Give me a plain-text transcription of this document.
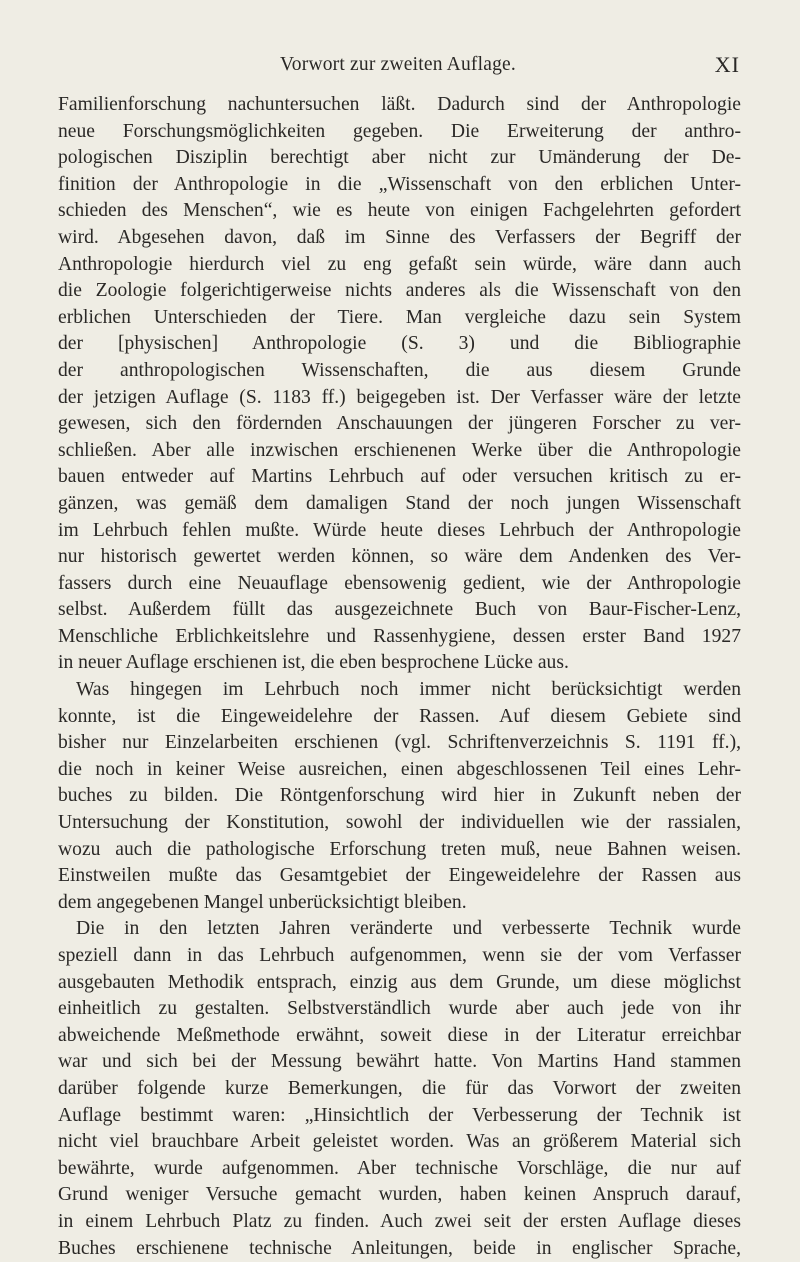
Vorwort zur zweiten Auflage.	XI
Familienforschung nachuntersuchen läßt. Dadurch sind der Anthropologie
neue Forschungsmöglichkeiten gegeben. Die Erweiterung der anthro-
pologischen Disziplin berechtigt aber nicht zur Umänderung der De-
finition der Anthropologie in die „Wissenschaft von den erblichen Unter-
schieden des Menschen“, wie es heute von einigen Fachgelehrten gefordert
wird. Abgesehen davon, daß im Sinne des Verfassers der Begriff der
Anthropologie hierdurch viel zu eng gefaßt sein würde, wäre dann auch
die Zoologie folgerichtigerweise nichts anderes als die Wissenschaft von den
erblichen Unterschieden der Tiere. Man vergleiche dazu sein System
der [physischen] Anthropologie (S. 3) und die Bibliographie
der anthropologischen Wissenschaften, die aus diesem Grunde
der jetzigen Auflage (S. 1183 ff.) beigegeben ist. Der Verfasser wäre der letzte
gewesen, sich den fördernden Anschauungen der jüngeren Forscher zu ver-
schließen. Aber alle inzwischen erschienenen Werke über die Anthropologie
bauen entweder auf Martins Lehrbuch auf oder versuchen kritisch zu er-
gänzen, was gemäß dem damaligen Stand der noch jungen Wissenschaft
im Lehrbuch fehlen mußte. Würde heute dieses Lehrbuch der Anthropologie
nur historisch gewertet werden können, so wäre dem Andenken des Ver-
fassers durch eine Neuauflage ebensowenig gedient, wie der Anthropologie
selbst. Außerdem füllt das ausgezeichnete Buch von Baur-Fischer-Lenz,
Menschliche Erblichkeitslehre und Rassenhygiene, dessen erster Band 1927
in neuer Auflage erschienen ist, die eben besprochene Lücke aus.
Was hingegen im Lehrbuch noch immer nicht berücksichtigt werden
konnte, ist die Eingeweidelehre der Rassen. Auf diesem Gebiete sind
bisher nur Einzelarbeiten erschienen (vgl. Schriftenverzeichnis S. 1191 ff.),
die noch in keiner Weise ausreichen, einen abgeschlossenen Teil eines Lehr-
buches zu bilden. Die Röntgenforschung wird hier in Zukunft neben der
Untersuchung der Konstitution, sowohl der individuellen wie der rassialen,
wozu auch die pathologische Erforschung treten muß, neue Bahnen weisen.
Einstweilen mußte das Gesamtgebiet der Eingeweidelehre der Rassen aus
dem angegebenen Mangel unberücksichtigt bleiben.
Die in den letzten Jahren veränderte und verbesserte Technik wurde
speziell dann in das Lehrbuch aufgenommen, wenn sie der vom Verfasser
ausgebauten Methodik entsprach, einzig aus dem Grunde, um diese möglichst
einheitlich zu gestalten. Selbstverständlich wurde aber auch jede von ihr
abweichende Meßmethode erwähnt, soweit diese in der Literatur erreichbar
war und sich bei der Messung bewährt hatte. Von Martins Hand stammen
darüber folgende kurze Bemerkungen, die für das Vorwort der zweiten
Auflage bestimmt waren: „Hinsichtlich der Verbesserung der Technik ist
nicht viel brauchbare Arbeit geleistet worden. Was an größerem Material sich
bewährte, wurde aufgenommen. Aber technische Vorschläge, die nur auf
Grund weniger Versuche gemacht wurden, haben keinen Anspruch darauf,
in einem Lehrbuch Platz zu finden. Auch zwei seit der ersten Auflage dieses
Buches erschienene technische Anleitungen, beide in englischer Sprache,
